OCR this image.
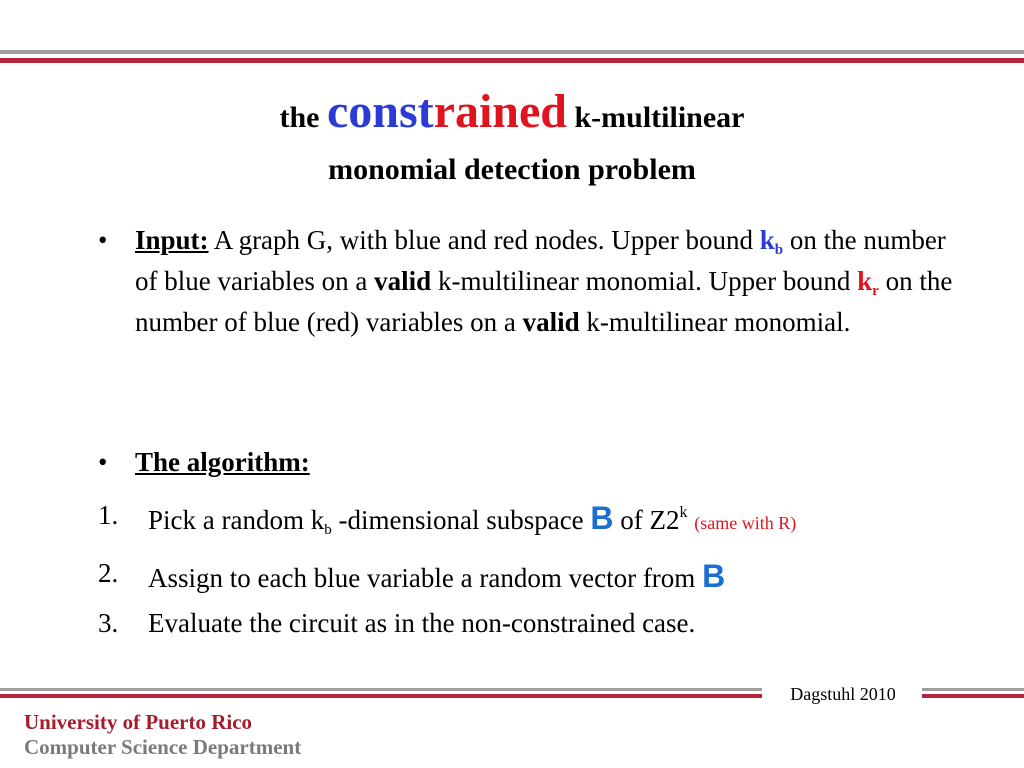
the constrained k-multilinear
monomial detection problem
• Input: A graph G, with blue and red nodes. Upper bound $k_b$ on the number of blue variables on a valid k-multilinear monomial. Upper bound $k_r$ on the number of blue (red) variables on a valid k-multilinear monomial.
• The algorithm:
1. Pick a random $k_b$ -dimensional subspace B of Z2$^k$ (same with R)
2. Assign to each blue variable a random vector from B
3. Evaluate the circuit as in the non-constrained case.
Dagstuhl 2010
University of Puerto Rico
Computer Science Department
